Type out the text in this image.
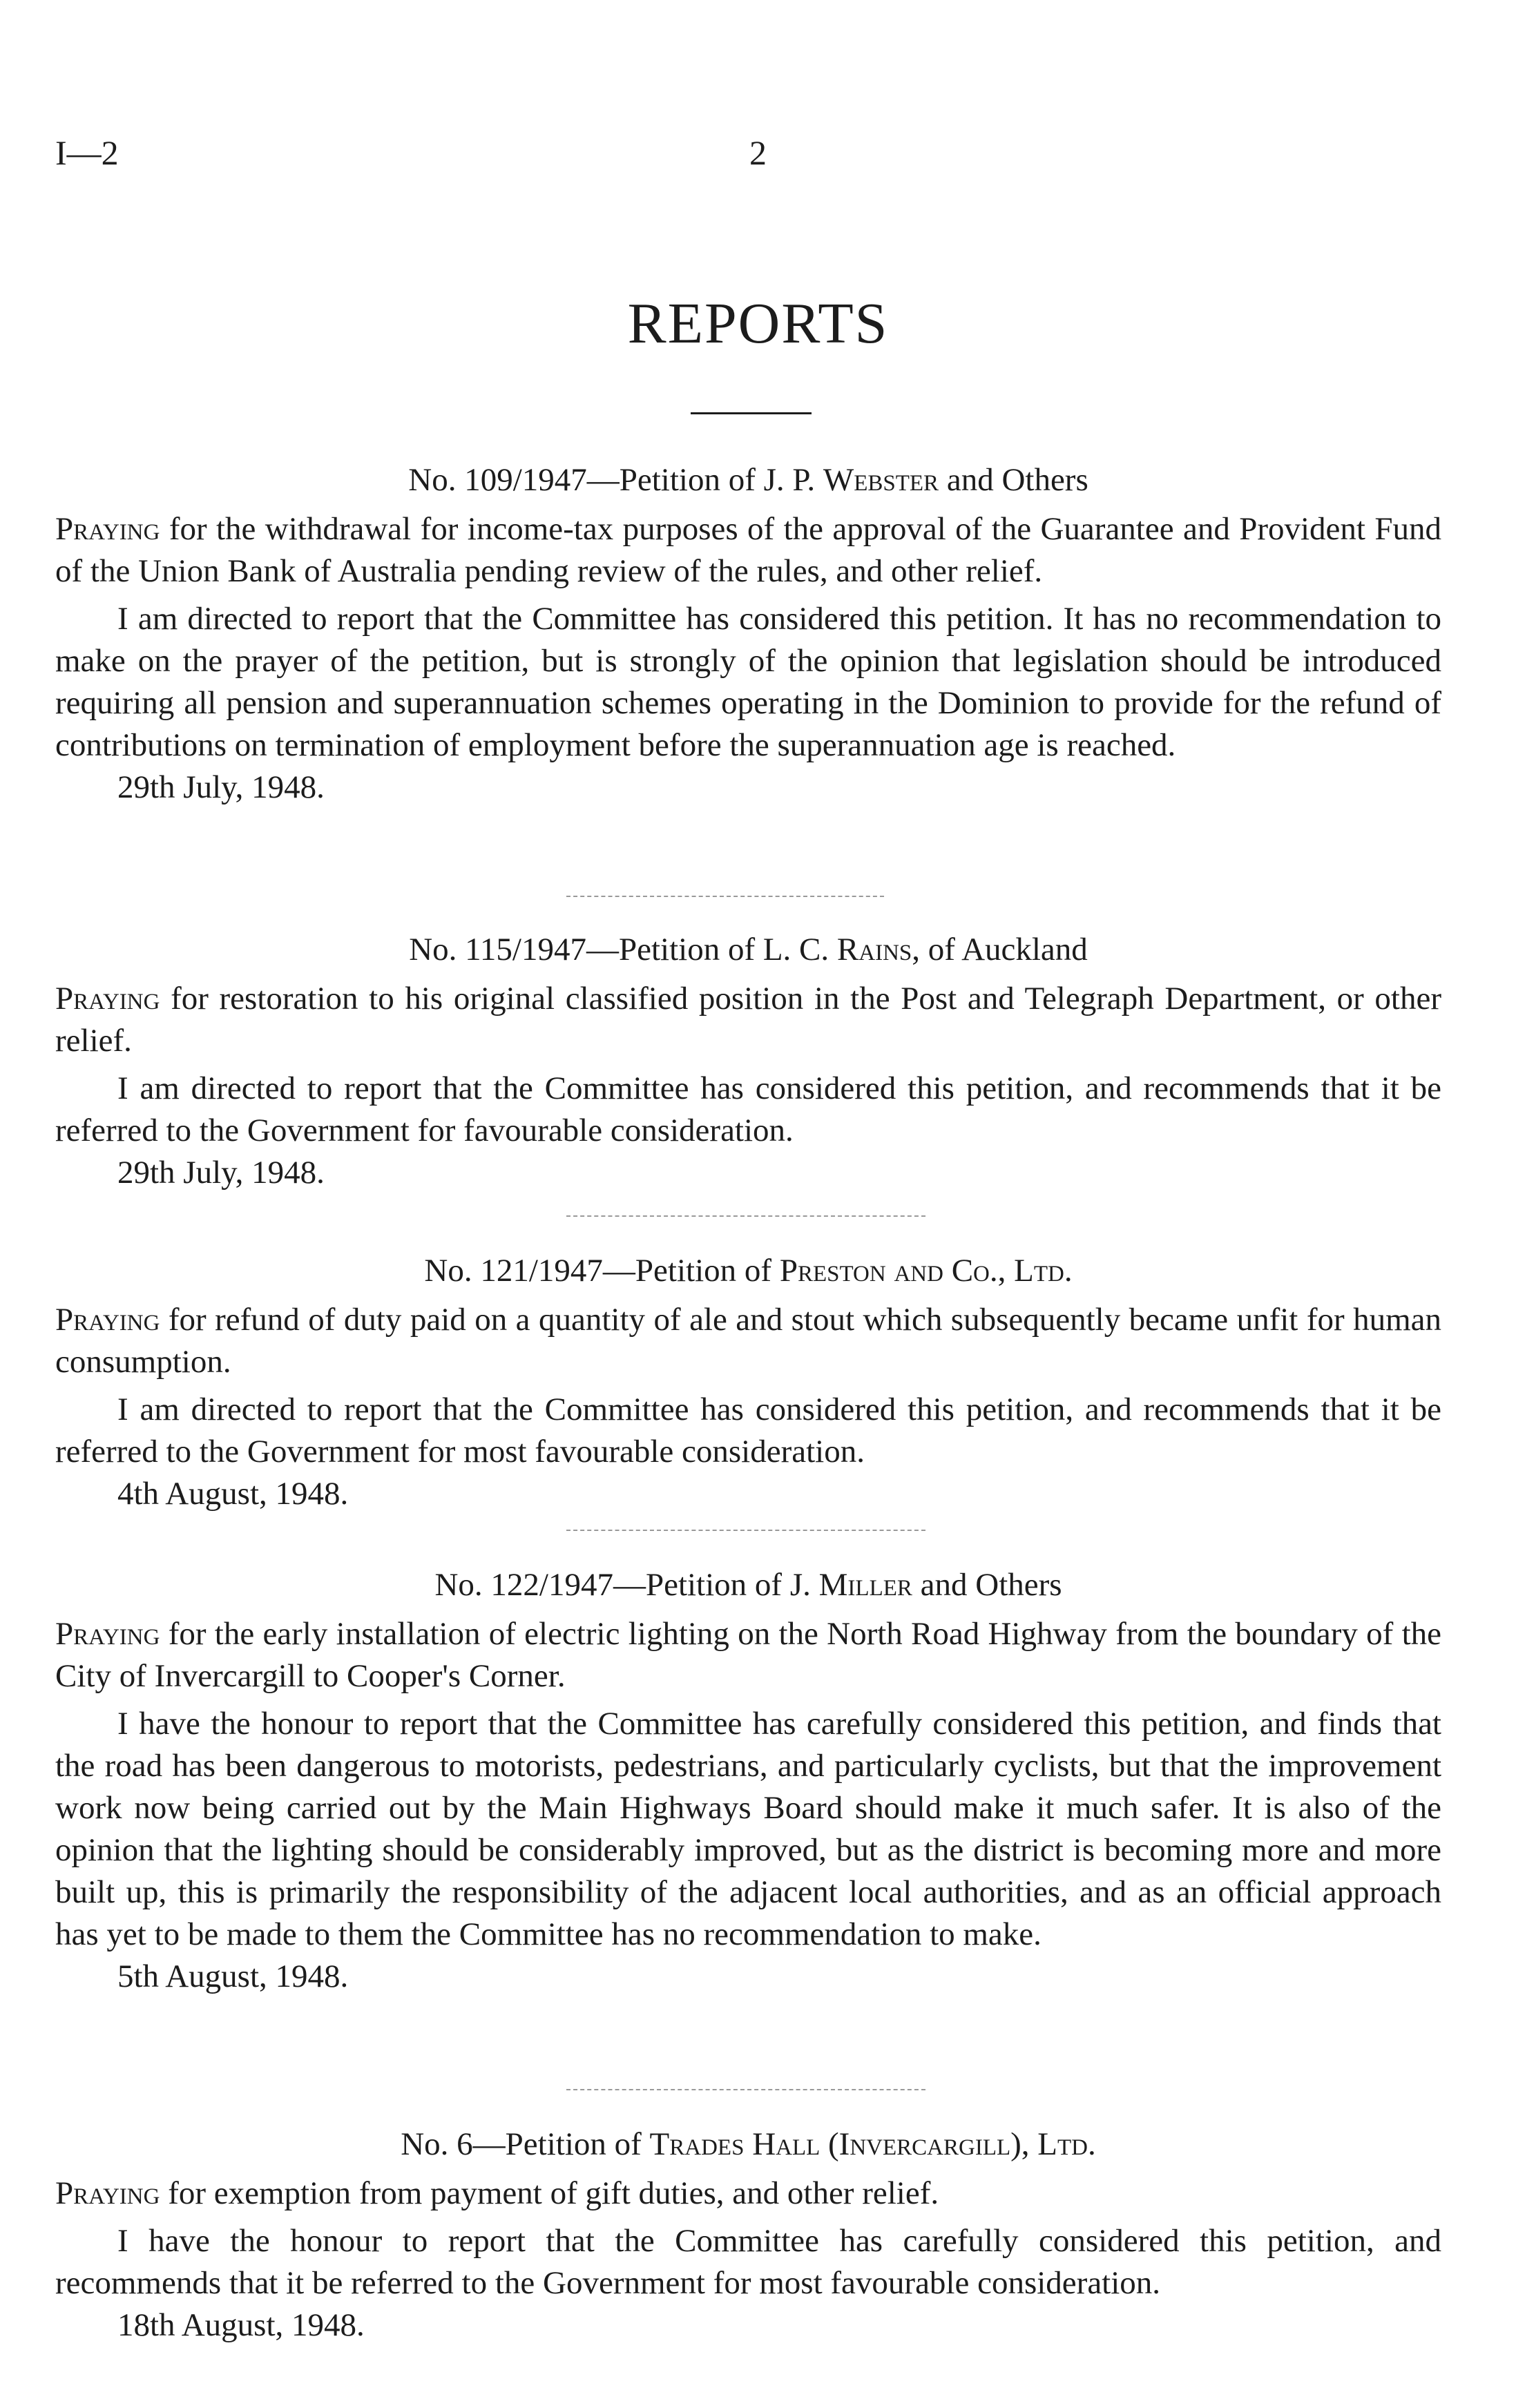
I—2	2
REPORTS
No. 109/1947—Petition of J. P. Webster and Others

Praying for the withdrawal for income-tax purposes of the approval of the Guarantee and Provident Fund of the Union Bank of Australia pending review of the rules, and other relief.

I am directed to report that the Committee has considered this petition. It has no recommendation to make on the prayer of the petition, but is strongly of the opinion that legislation should be introduced requiring all pension and superannuation schemes operating in the Dominion to provide for the refund of contributions on termination of employment before the superannuation age is reached.

29th July, 1948.
No. 115/1947—Petition of L. C. Rains, of Auckland

Praying for restoration to his original classified position in the Post and Telegraph Department, or other relief.

I am directed to report that the Committee has considered this petition, and recommends that it be referred to the Government for favourable consideration.

29th July, 1948.
No. 121/1947—Petition of Preston and Co., Ltd.

Praying for refund of duty paid on a quantity of ale and stout which subsequently became unfit for human consumption.

I am directed to report that the Committee has considered this petition, and recommends that it be referred to the Government for most favourable consideration.

4th August, 1948.
No. 122/1947—Petition of J. Miller and Others

Praying for the early installation of electric lighting on the North Road Highway from the boundary of the City of Invercargill to Cooper's Corner.

I have the honour to report that the Committee has carefully considered this petition, and finds that the road has been dangerous to motorists, pedestrians, and particularly cyclists, but that the improvement work now being carried out by the Main Highways Board should make it much safer. It is also of the opinion that the lighting should be considerably improved, but as the district is becoming more and more built up, this is primarily the responsibility of the adjacent local authorities, and as an official approach has yet to be made to them the Committee has no recommendation to make.

5th August, 1948.
No. 6—Petition of Trades Hall (Invercargill), Ltd.

Praying for exemption from payment of gift duties, and other relief.

I have the honour to report that the Committee has carefully considered this petition, and recommends that it be referred to the Government for most favourable consideration.

18th August, 1948.
